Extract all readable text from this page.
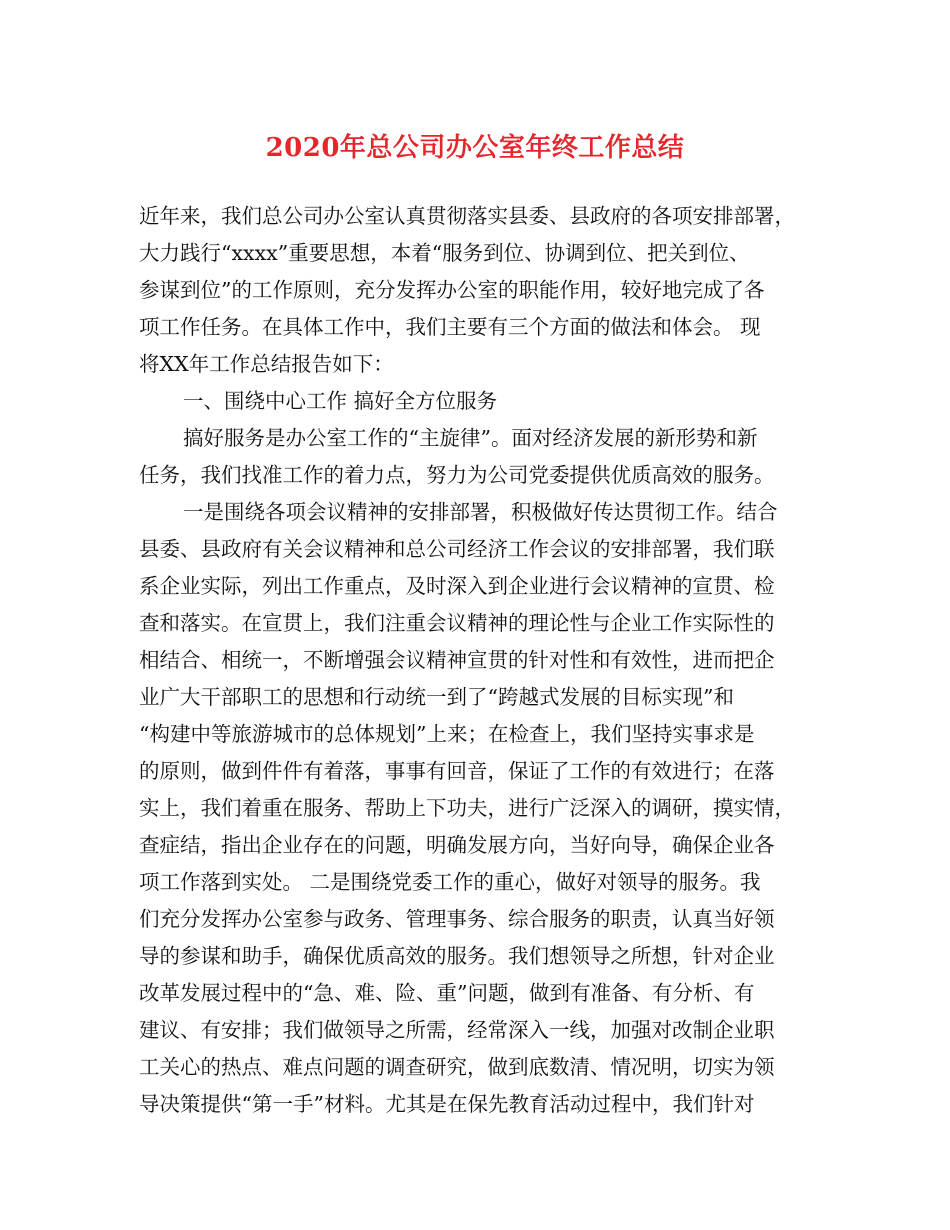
2020年总公司办公室年终工作总结
近年来，我们总公司办公室认真贯彻落实县委、县政府的各项安排部署，
大力践行“xxxx”重要思想，本着“服务到位、协调到位、把关到位、
参谋到位”的工作原则，充分发挥办公室的职能作用，较好地完成了各
项工作任务。在具体工作中，我们主要有三个方面的做法和体会。 现
将XX年工作总结报告如下：
一、围绕中心工作 搞好全方位服务
搞好服务是办公室工作的“主旋律”。面对经济发展的新形势和新
任务，我们找准工作的着力点，努力为公司党委提供优质高效的服务。
一是围绕各项会议精神的安排部署，积极做好传达贯彻工作。结合
县委、县政府有关会议精神和总公司经济工作会议的安排部署，我们联
系企业实际，列出工作重点，及时深入到企业进行会议精神的宣贯、检
查和落实。在宣贯上，我们注重会议精神的理论性与企业工作实际性的
相结合、相统一，不断增强会议精神宣贯的针对性和有效性，进而把企
业广大干部职工的思想和行动统一到了“跨越式发展的目标实现”和
“构建中等旅游城市的总体规划”上来；在检查上，我们坚持实事求是
的原则，做到件件有着落，事事有回音，保证了工作的有效进行；在落
实上，我们着重在服务、帮助上下功夫，进行广泛深入的调研，摸实情，
查症结，指出企业存在的问题，明确发展方向，当好向导，确保企业各
项工作落到实处。 二是围绕党委工作的重心，做好对领导的服务。我
们充分发挥办公室参与政务、管理事务、综合服务的职责，认真当好领
导的参谋和助手，确保优质高效的服务。我们想领导之所想，针对企业
改革发展过程中的“急、难、险、重”问题，做到有准备、有分析、有
建议、有安排；我们做领导之所需，经常深入一线，加强对改制企业职
工关心的热点、难点问题的调查研究，做到底数清、情况明，切实为领
导决策提供“第一手”材料。尤其是在保先教育活动过程中，我们针对
